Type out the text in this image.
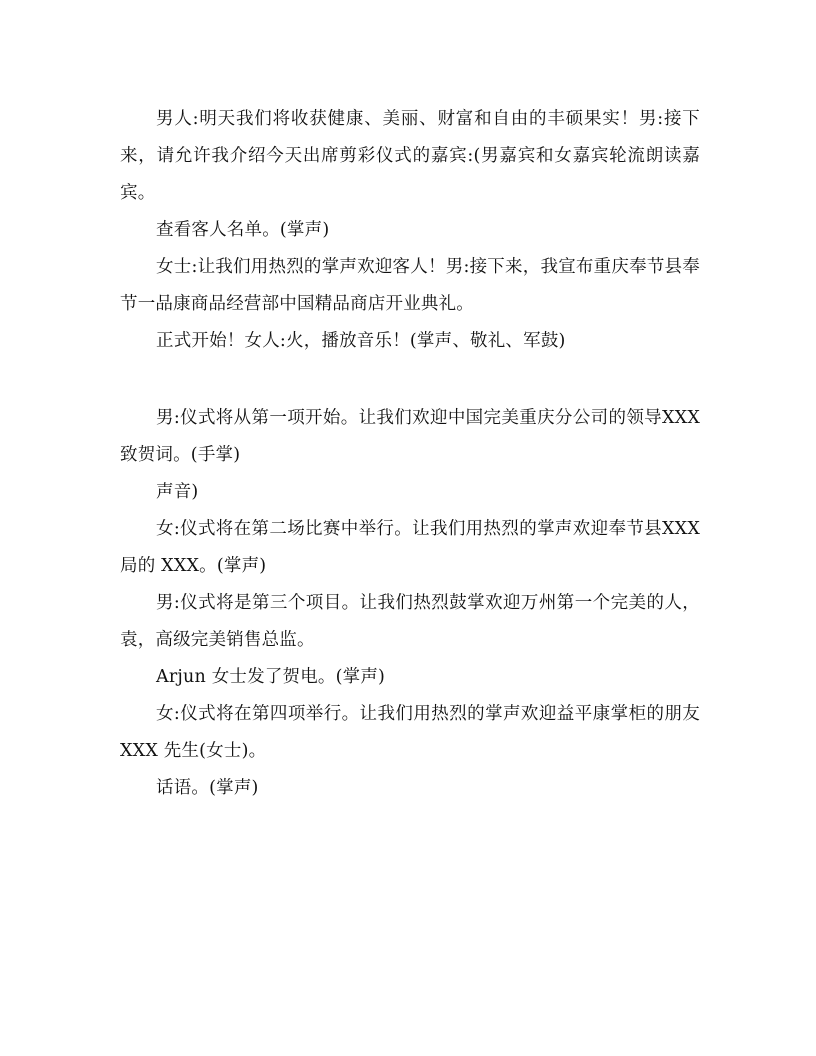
男人:明天我们将收获健康、美丽、财富和自由的丰硕果实！男:接下来，请允许我介绍今天出席剪彩仪式的嘉宾:(男嘉宾和女嘉宾轮流朗读嘉宾。

查看客人名单。(掌声)

女士:让我们用热烈的掌声欢迎客人！男:接下来，我宣布重庆奉节县奉节一品康商品经营部中国精品商店开业典礼。

正式开始！女人:火，播放音乐！(掌声、敬礼、军鼓)

男:仪式将从第一项开始。让我们欢迎中国完美重庆分公司的领导XXX 致贺词。(手掌)

声音)

女:仪式将在第二场比赛中举行。让我们用热烈的掌声欢迎奉节县XXX 局的 XXX。(掌声)

男:仪式将是第三个项目。让我们热烈鼓掌欢迎万州第一个完美的人，袁，高级完美销售总监。

Arjun 女士发了贺电。(掌声)

女:仪式将在第四项举行。让我们用热烈的掌声欢迎益平康掌柜的朋友 XXX 先生(女士)。

话语。(掌声)
